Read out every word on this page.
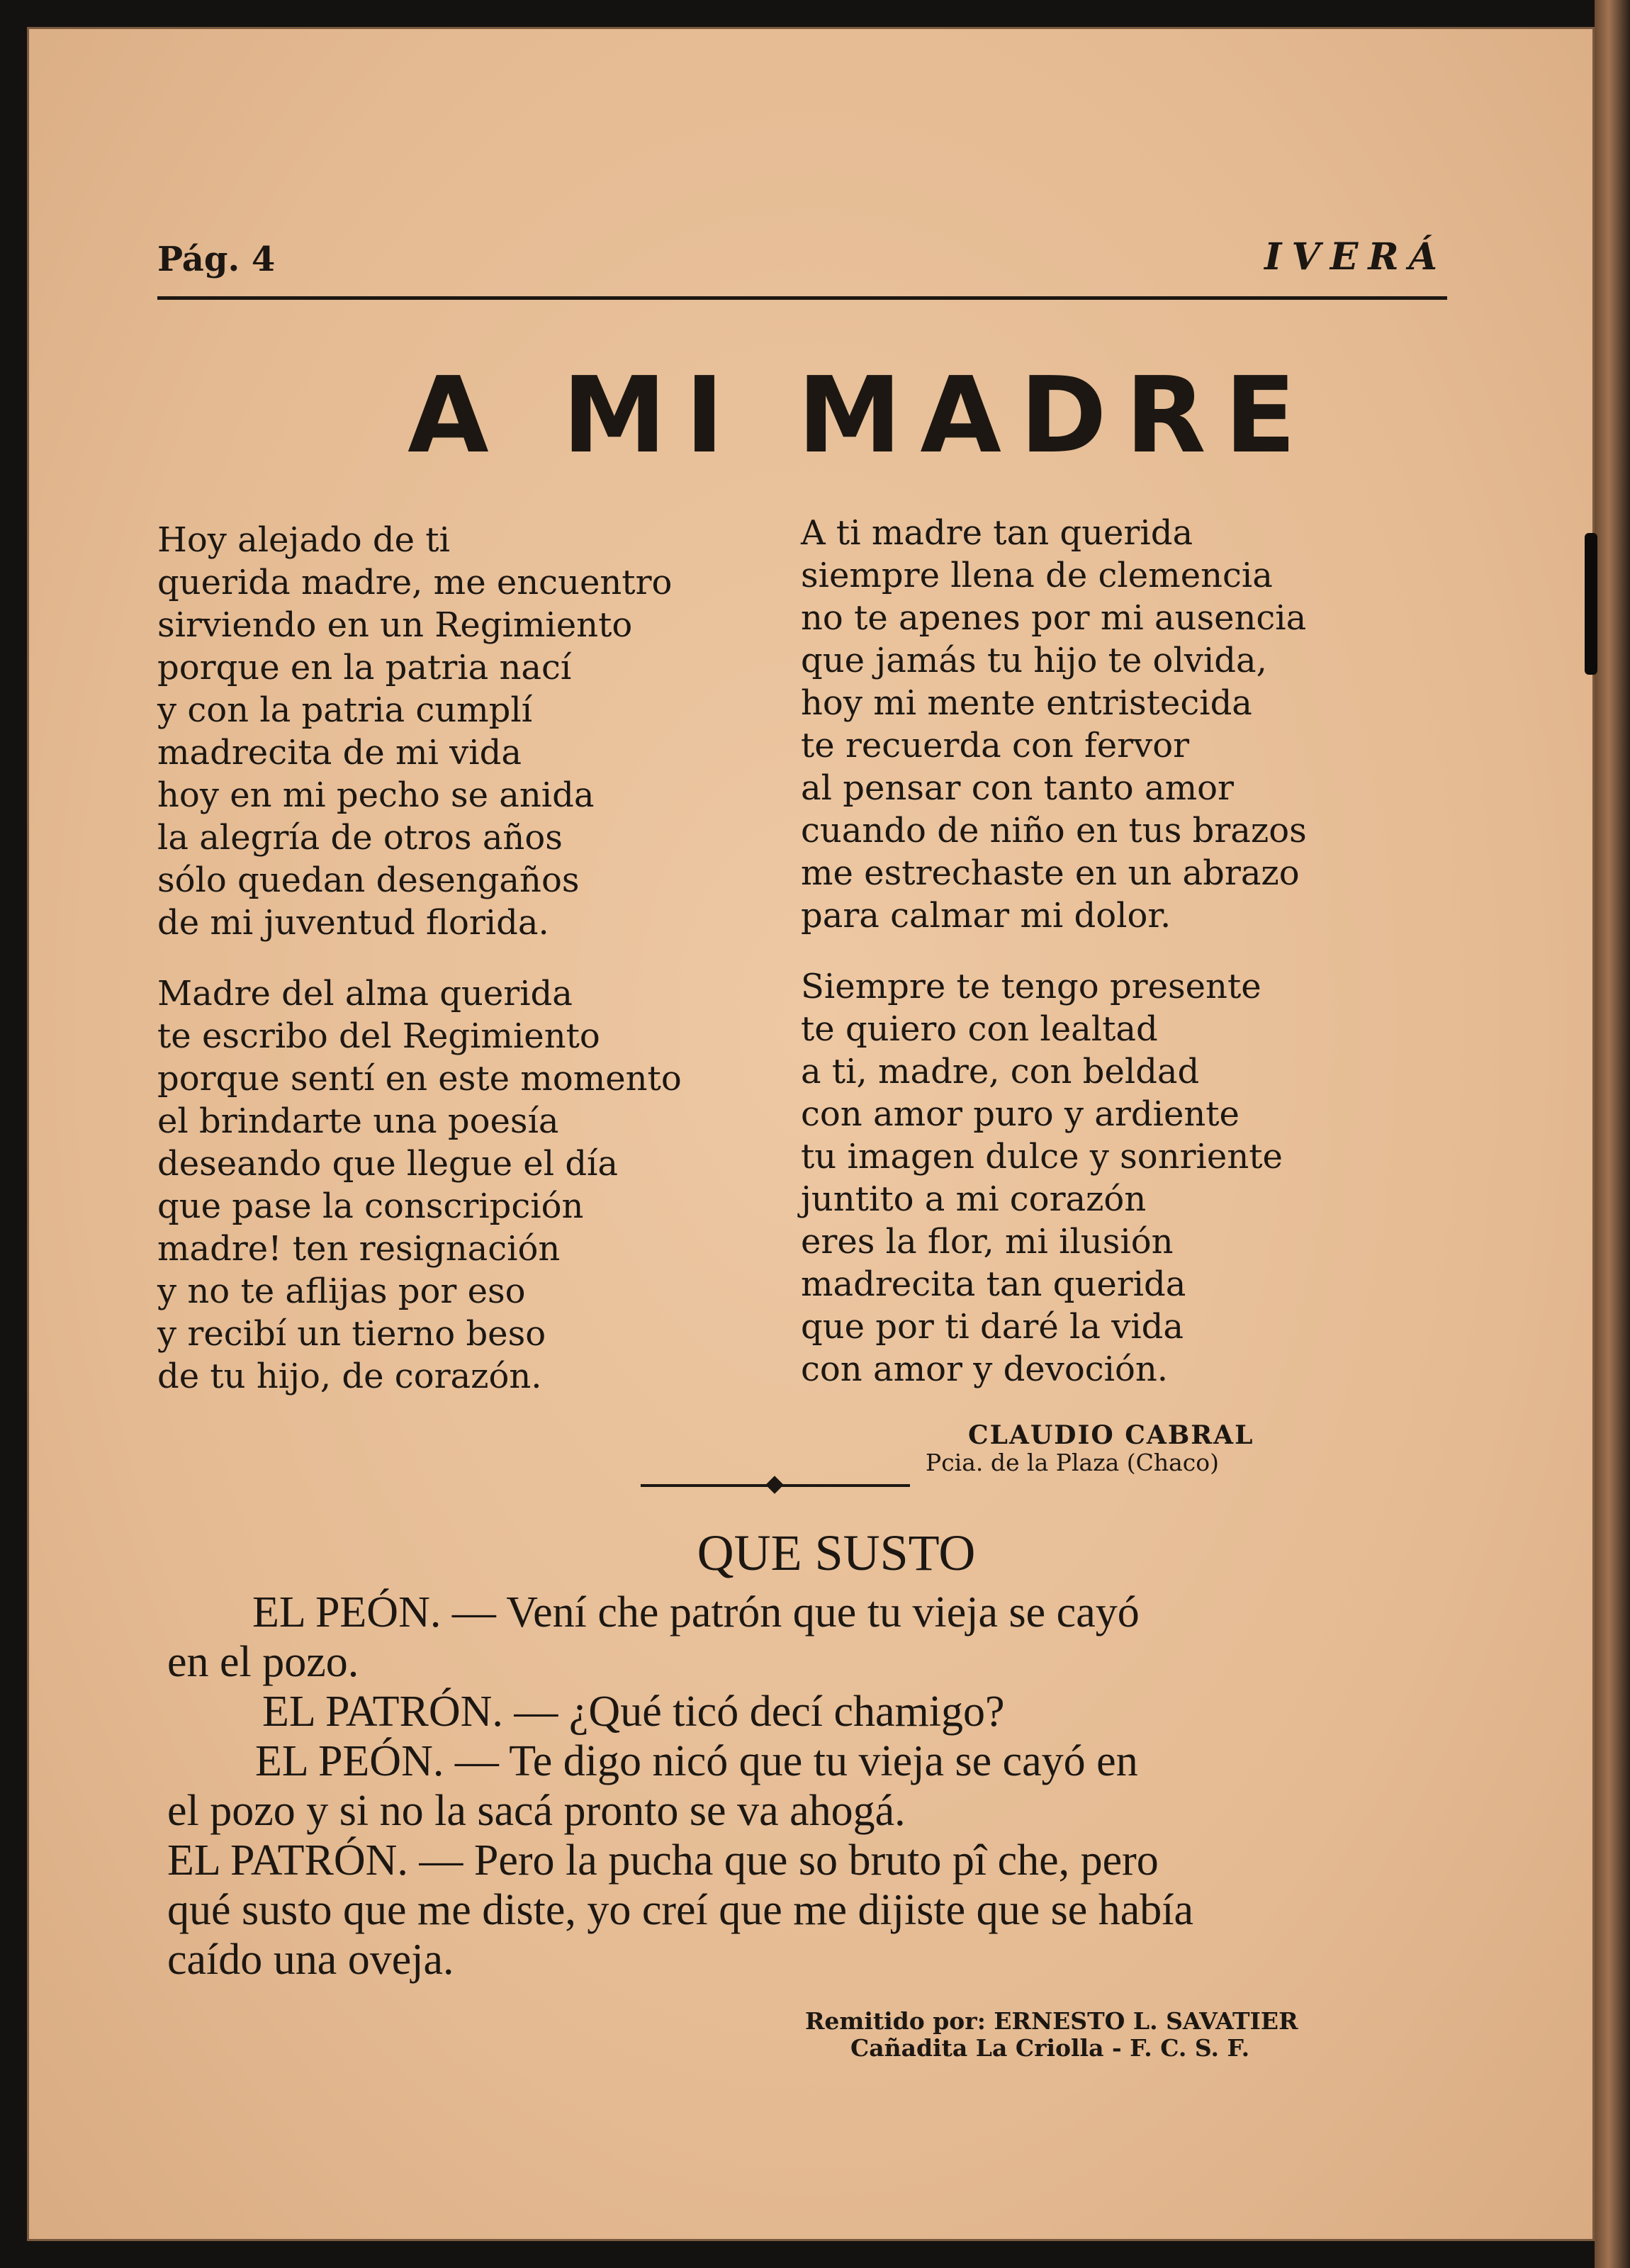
Pág. 4	IVERÁ
A MI MADRE
Hoy alejado de ti
querida madre, me encuentro
sirviendo en un Regimiento
porque en la patria nací
y con la patria cumplí
madrecita de mi vida
hoy en mi pecho se anida
la alegría de otros años
sólo quedan desengaños
de mi juventud florida.
Madre del alma querida
te escribo del Regimiento
porque sentí en este momento
el brindarte una poesía
deseando que llegue el día
que pase la conscripción
madre! ten resignación
y no te aflijas por eso
y recibí un tierno beso
de tu hijo, de corazón.
A ti madre tan querida
siempre llena de clemencia
no te apenes por mi ausencia
que jamás tu hijo te olvida,
hoy mi mente entristecida
te recuerda con fervor
al pensar con tanto amor
cuando de niño en tus brazos
me estrechaste en un abrazo
para calmar mi dolor.
Siempre te tengo presente
te quiero con lealtad
a ti, madre, con beldad
con amor puro y ardiente
tu imagen dulce y sonriente
juntito a mi corazón
eres la flor, mi ilusión
madrecita tan querida
que por ti daré la vida
con amor y devoción.
CLAUDIO CABRAL
Pcia. de la Plaza (Chaco)
QUE SUSTO
EL PEÓN. — Vení che patrón que tu vieja se cayó
en el pozo.
EL PATRÓN. — ¿Qué ticó decí chamigo?
EL PEÓN. — Te digo nicó que tu vieja se cayó en
el pozo y si no la sacá pronto se va ahogá.
EL PATRÓN. — Pero la pucha que so bruto pî che, pero
qué susto que me diste, yo creí que me dijiste que se había
caído una oveja.
Remitido por: ERNESTO L. SAVATIER
Cañadita La Criolla - F. C. S. F.
